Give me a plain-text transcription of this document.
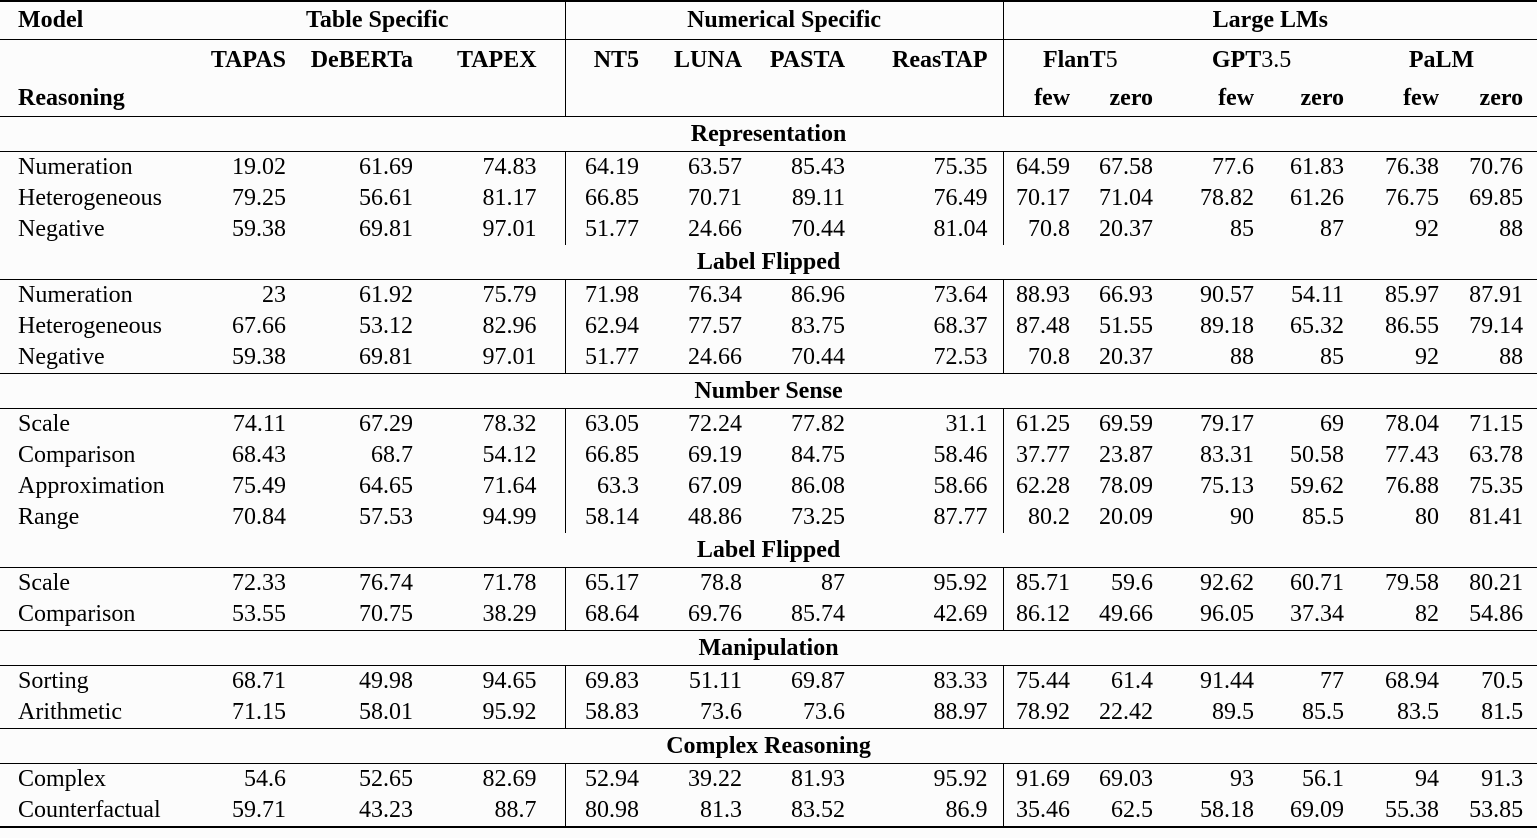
Model	Table Specific			Numerical Specific				Large LMs					
	TAPAS	DeBERTa	TAPEX	NT5	LUNA	PASTA	ReasTAP	FlanT5		GPT3.5		PaLM	
Reasoning								few	zero	few	zero	few	zero
Representation													
Numeration	19.02	61.69	74.83	64.19	63.57	85.43	75.35	64.59	67.58	77.6	61.83	76.38	70.76
Heterogeneous	79.25	56.61	81.17	66.85	70.71	89.11	76.49	70.17	71.04	78.82	61.26	76.75	69.85
Negative	59.38	69.81	97.01	51.77	24.66	70.44	81.04	70.8	20.37	85	87	92	88
Label Flipped													
Numeration	23	61.92	75.79	71.98	76.34	86.96	73.64	88.93	66.93	90.57	54.11	85.97	87.91
Heterogeneous	67.66	53.12	82.96	62.94	77.57	83.75	68.37	87.48	51.55	89.18	65.32	86.55	79.14
Negative	59.38	69.81	97.01	51.77	24.66	70.44	72.53	70.8	20.37	88	85	92	88
Number Sense													
Scale	74.11	67.29	78.32	63.05	72.24	77.82	31.1	61.25	69.59	79.17	69	78.04	71.15
Comparison	68.43	68.7	54.12	66.85	69.19	84.75	58.46	37.77	23.87	83.31	50.58	77.43	63.78
Approximation	75.49	64.65	71.64	63.3	67.09	86.08	58.66	62.28	78.09	75.13	59.62	76.88	75.35
Range	70.84	57.53	94.99	58.14	48.86	73.25	87.77	80.2	20.09	90	85.5	80	81.41
Label Flipped													
Scale	72.33	76.74	71.78	65.17	78.8	87	95.92	85.71	59.6	92.62	60.71	79.58	80.21
Comparison	53.55	70.75	38.29	68.64	69.76	85.74	42.69	86.12	49.66	96.05	37.34	82	54.86
Manipulation													
Sorting	68.71	49.98	94.65	69.83	51.11	69.87	83.33	75.44	61.4	91.44	77	68.94	70.5
Arithmetic	71.15	58.01	95.92	58.83	73.6	73.6	88.97	78.92	22.42	89.5	85.5	83.5	81.5
Complex Reasoning													
Complex	54.6	52.65	82.69	52.94	39.22	81.93	95.92	91.69	69.03	93	56.1	94	91.3
Counterfactual	59.71	43.23	88.7	80.98	81.3	83.52	86.9	35.46	62.5	58.18	69.09	55.38	53.85
